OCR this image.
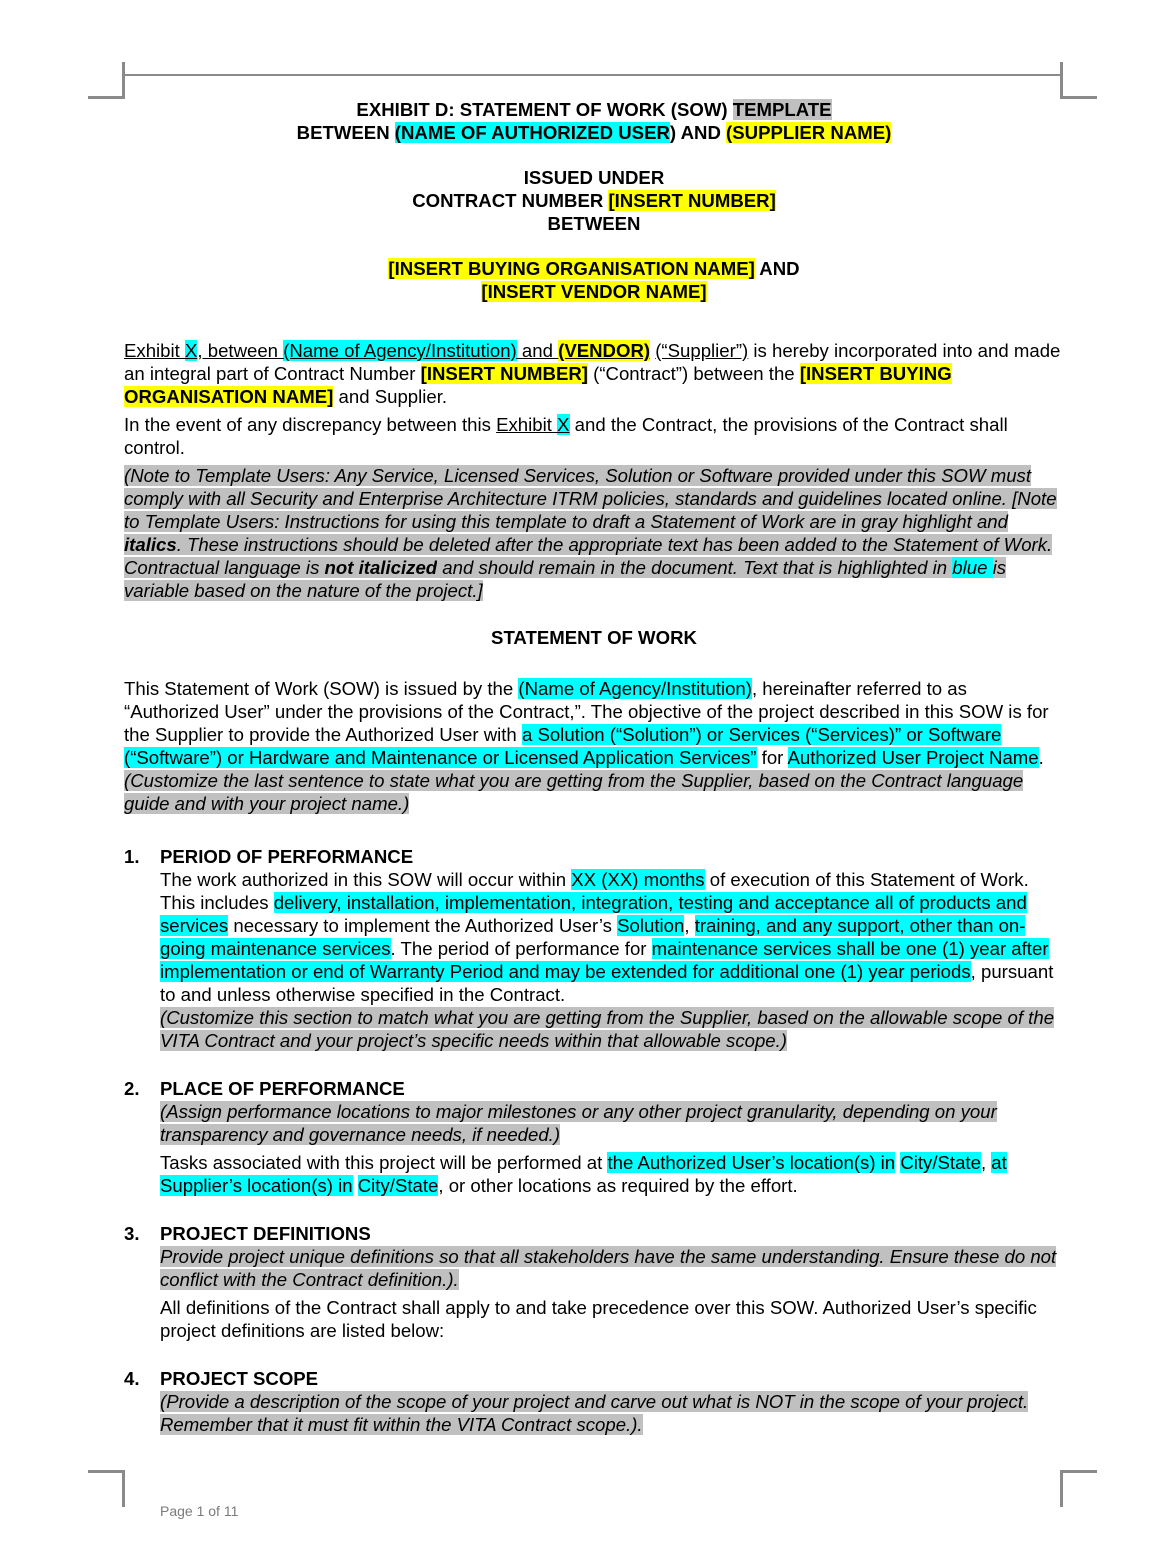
EXHIBIT D: STATEMENT OF WORK (SOW) TEMPLATE
BETWEEN (NAME OF AUTHORIZED USER) AND (SUPPLIER NAME)
ISSUED UNDER
CONTRACT NUMBER [INSERT NUMBER]
BETWEEN
[INSERT BUYING ORGANISATION NAME] AND
[INSERT VENDOR NAME]

Exhibit X, between (Name of Agency/Institution) and (VENDOR) (“Supplier”) is hereby incorporated into and made an integral part of Contract Number [INSERT NUMBER] (“Contract”) between the [INSERT BUYING ORGANISATION NAME] and Supplier.

In the event of any discrepancy between this Exhibit X and the Contract, the provisions of the Contract shall control.

(Note to Template Users: Any Service, Licensed Services, Solution or Software provided under this SOW must comply with all Security and Enterprise Architecture ITRM policies, standards and guidelines located online. [Note to Template Users: Instructions for using this template to draft a Statement of Work are in gray highlight and italics. These instructions should be deleted after the appropriate text has been added to the Statement of Work. Contractual language is not italicized and should remain in the document. Text that is highlighted in blue is variable based on the nature of the project.]

STATEMENT OF WORK

This Statement of Work (SOW) is issued by the (Name of Agency/Institution), hereinafter referred to as “Authorized User” under the provisions of the Contract,”. The objective of the project described in this SOW is for the Supplier to provide the Authorized User with a Solution (“Solution”) or Services (“Services)” or Software (“Software”) or Hardware and Maintenance or Licensed Application Services” for Authorized User Project Name. (Customize the last sentence to state what you are getting from the Supplier, based on the Contract language guide and with your project name.)

1. PERIOD OF PERFORMANCE

The work authorized in this SOW will occur within XX (XX) months of execution of this Statement of Work. This includes delivery, installation, implementation, integration, testing and acceptance all of products and services necessary to implement the Authorized User’s Solution, training, and any support, other than on-going maintenance services. The period of performance for maintenance services shall be one (1) year after implementation or end of Warranty Period and may be extended for additional one (1) year periods, pursuant to and unless otherwise specified in the Contract.

(Customize this section to match what you are getting from the Supplier, based on the allowable scope of the VITA Contract and your project’s specific needs within that allowable scope.)

2. PLACE OF PERFORMANCE

(Assign performance locations to major milestones or any other project granularity, depending on your transparency and governance needs, if needed.)

Tasks associated with this project will be performed at the Authorized User’s location(s) in City/State, at Supplier’s location(s) in City/State, or other locations as required by the effort.

3. PROJECT DEFINITIONS

Provide project unique definitions so that all stakeholders have the same understanding. Ensure these do not conflict with the Contract definition.).

All definitions of the Contract shall apply to and take precedence over this SOW. Authorized User’s specific project definitions are listed below:

4. PROJECT SCOPE

(Provide a description of the scope of your project and carve out what is NOT in the scope of your project. Remember that it must fit within the VITA Contract scope.).

Page 1 of 11
